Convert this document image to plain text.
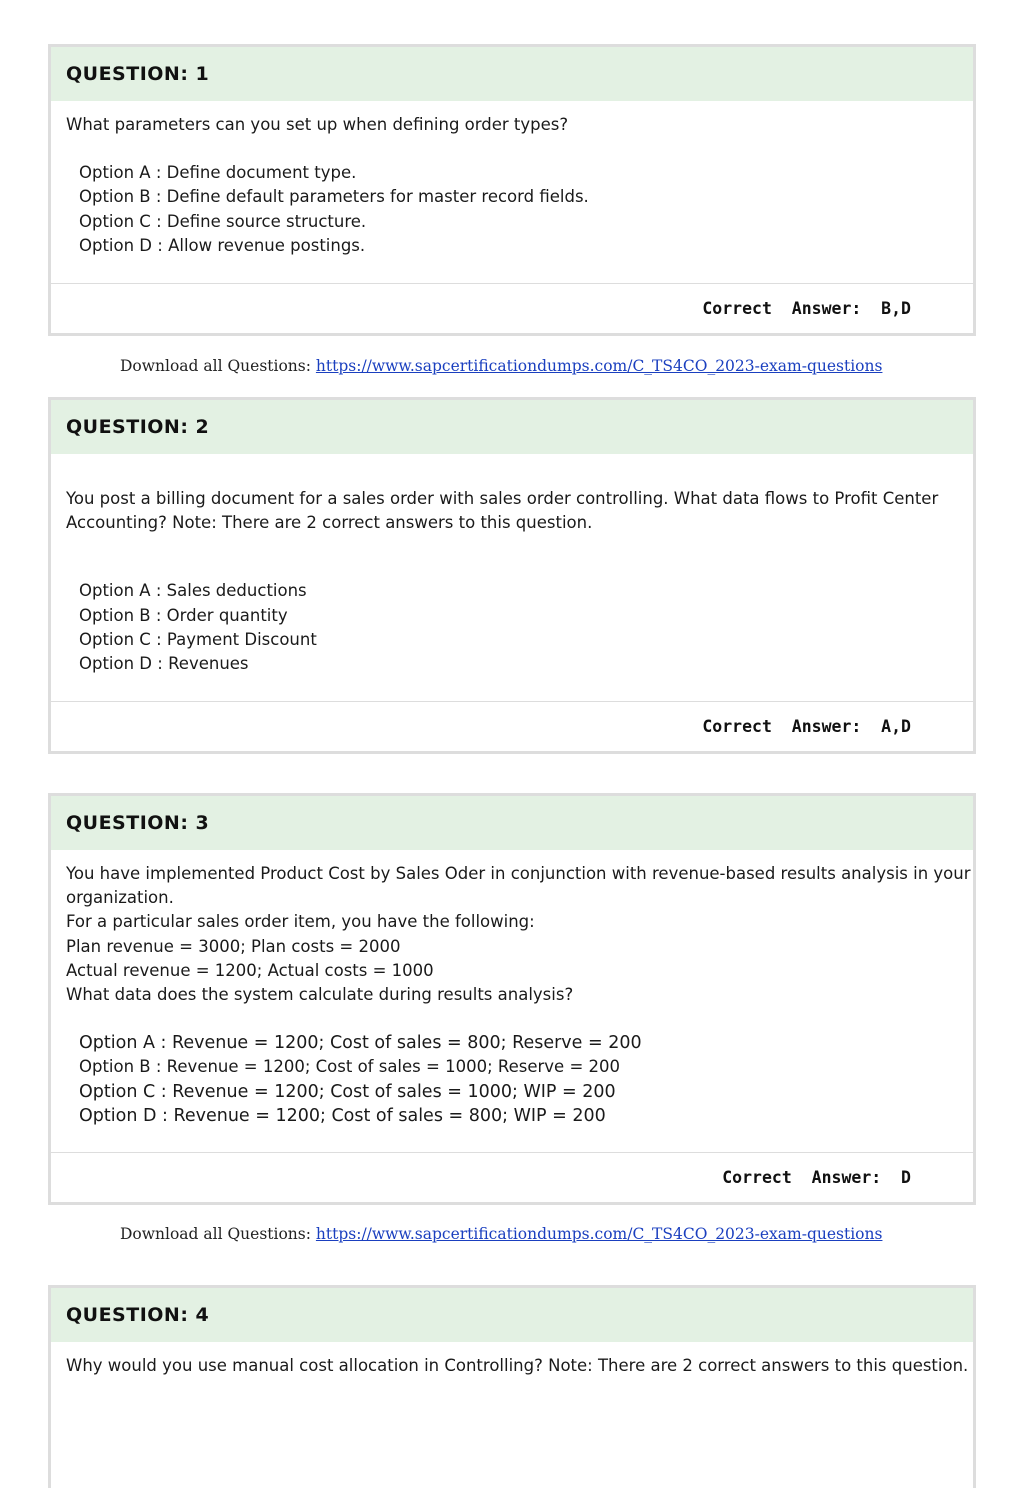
QUESTION: 1
What parameters can you set up when defining order types?
Option A : Define document type.
Option B : Define default parameters for master record fields.
Option C : Define source structure.
Option D : Allow revenue postings.
Correct  Answer:  B,D
Download all Questions: https://www.sapcertificationdumps.com/C_TS4CO_2023-exam-questions
QUESTION: 2
You post a billing document for a sales order with sales order controlling. What data flows to Profit Center
Accounting? Note: There are 2 correct answers to this question.
Option A : Sales deductions
Option B : Order quantity
Option C : Payment Discount
Option D : Revenues
Correct  Answer:  A,D
QUESTION: 3
You have implemented Product Cost by Sales Oder in conjunction with revenue-based results analysis in your
organization.
For a particular sales order item, you have the following:
Plan revenue = 3000; Plan costs = 2000
Actual revenue = 1200; Actual costs = 1000
What data does the system calculate during results analysis?
Option A : Revenue = 1200; Cost of sales = 800; Reserve = 200
Option B : Revenue = 1200; Cost of sales = 1000; Reserve = 200
Option C : Revenue = 1200; Cost of sales = 1000; WIP = 200
Option D : Revenue = 1200; Cost of sales = 800; WIP = 200
Correct  Answer:  D
Download all Questions: https://www.sapcertificationdumps.com/C_TS4CO_2023-exam-questions
QUESTION: 4
Why would you use manual cost allocation in Controlling? Note: There are 2 correct answers to this question.
